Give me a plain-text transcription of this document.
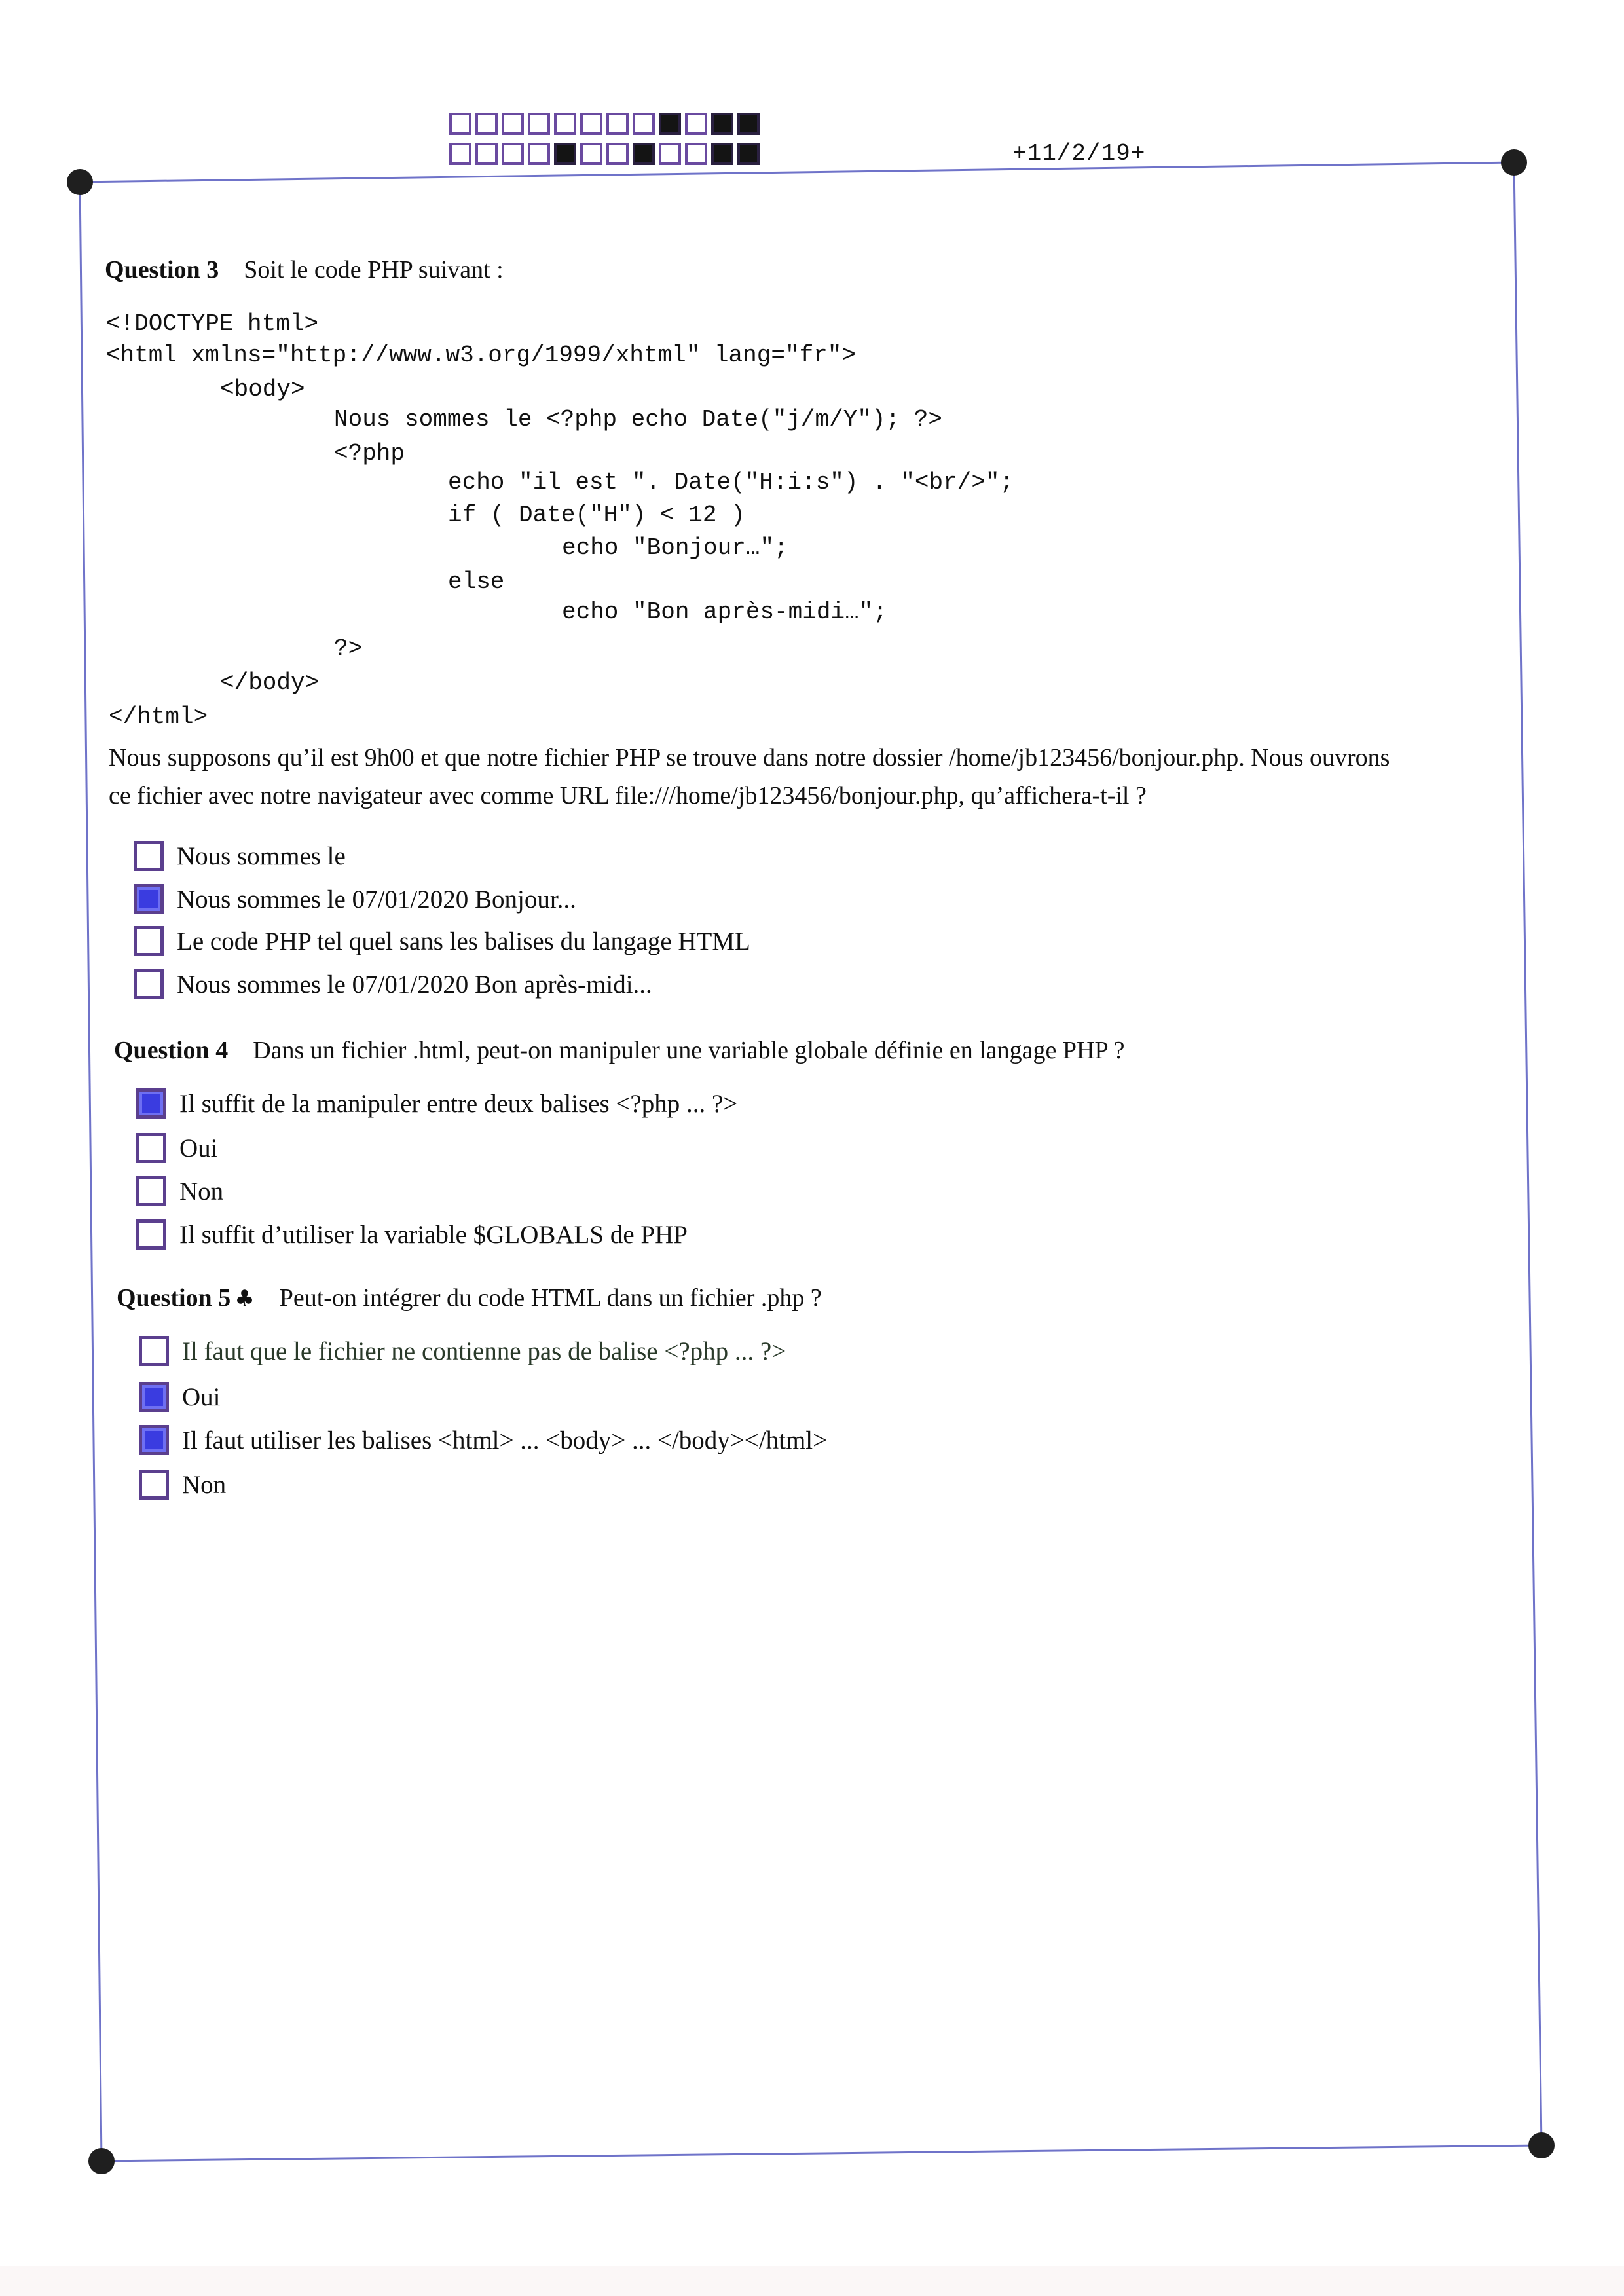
+11/2/19+
Question 3 Soit le code PHP suivant :
<!DOCTYPE html>
<html xmlns="http://www.w3.org/1999/xhtml" lang="fr">
<body>
Nous sommes le <?php echo Date("j/m/Y"); ?>
<?php
echo "il est ". Date("H:i:s") . "<br/>";
if ( Date("H") < 12 )
echo "Bonjour…";
else
echo "Bon après-midi…";
?>
</body>
</html>
Nous supposons qu’il est 9h00 et que notre fichier PHP se trouve dans notre dossier /home/jb123456/bonjour.php. Nous ouvrons
ce fichier avec notre navigateur avec comme URL file:///home/jb123456/bonjour.php, qu’affichera-t-il ?
Nous sommes le
Nous sommes le 07/01/2020 Bonjour...
Le code PHP tel quel sans les balises du langage HTML
Nous sommes le 07/01/2020 Bon après-midi...
Question 4 Dans un fichier .html, peut-on manipuler une variable globale définie en langage PHP ?
Il suffit de la manipuler entre deux balises <?php ... ?>
Oui
Non
Il suffit d’utiliser la variable $GLOBALS de PHP
Question 5 ♣ Peut-on intégrer du code HTML dans un fichier .php ?
Il faut que le fichier ne contienne pas de balise <?php ... ?>
Oui
Il faut utiliser les balises <html> ... <body> ... </body></html>
Non
